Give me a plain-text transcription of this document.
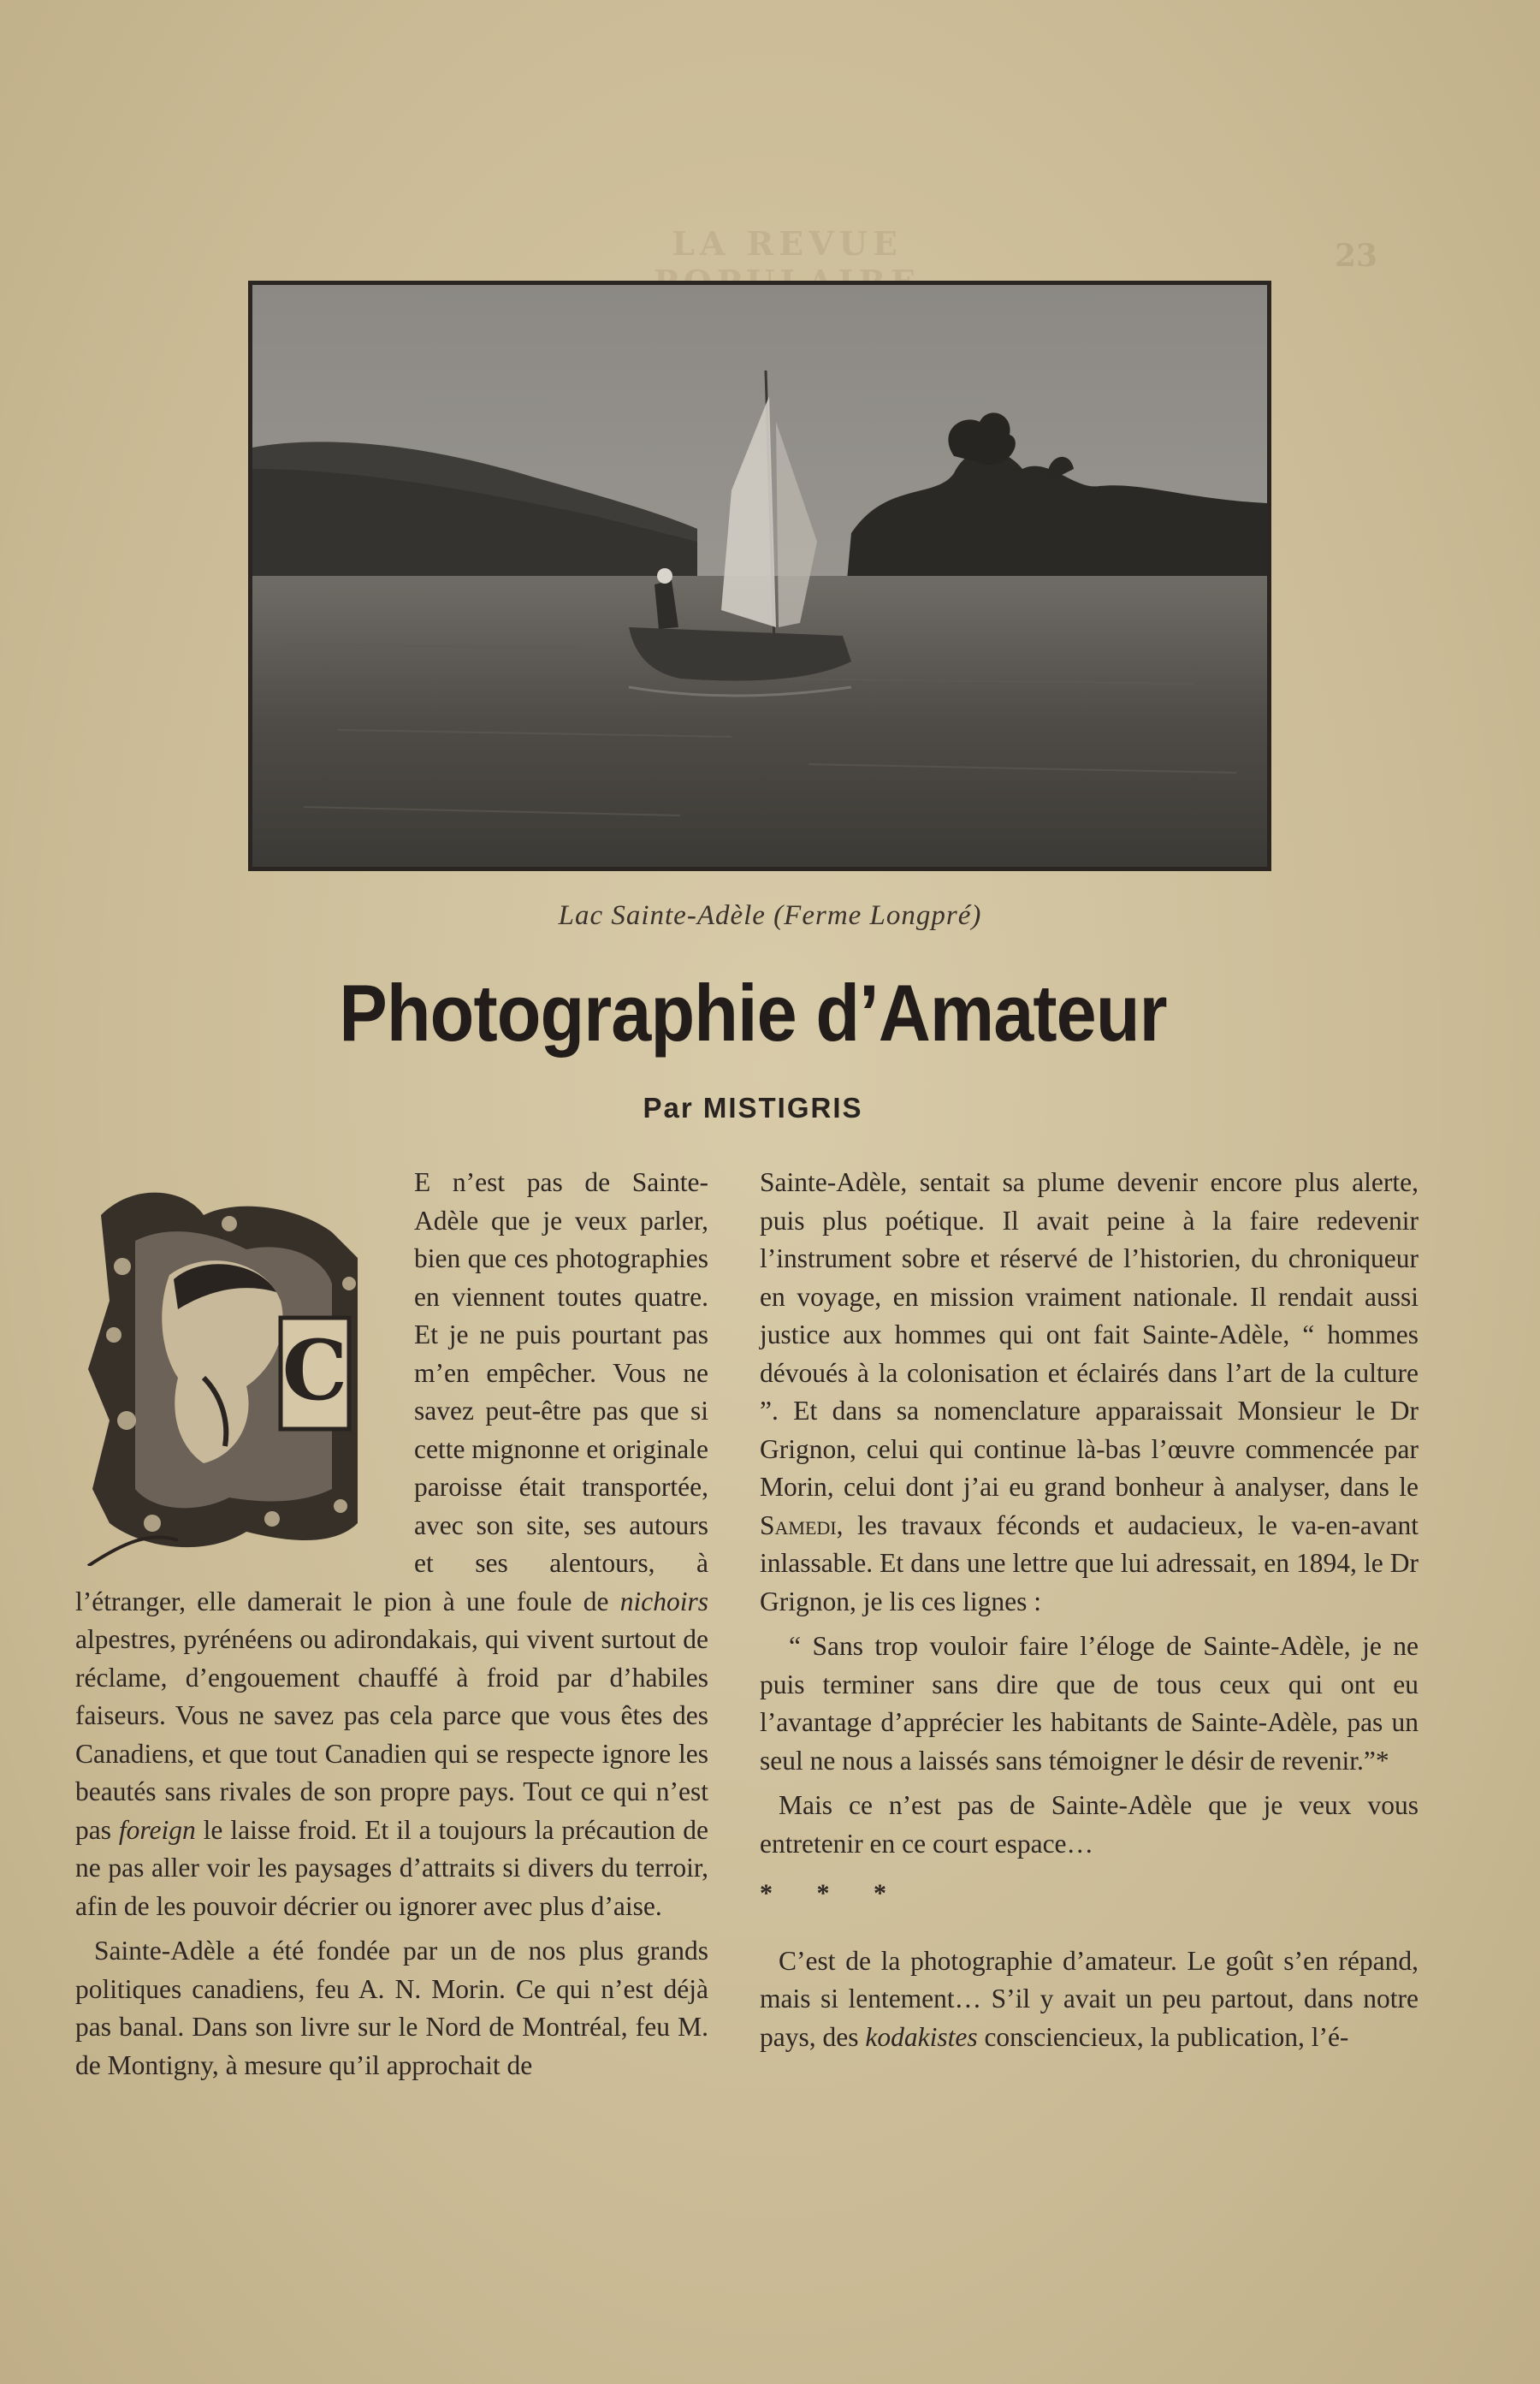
LA REVUE	23
Lac Sainte-Adèle (Ferme Longpré)
Photographie d’Amateur
Par MISTIGRIS
C

E n’est pas de Sainte-Adèle que je veux parler, bien que ces photographies en viennent toutes quatre. Et je ne puis pourtant pas m’en empêcher. Vous ne savez peut-être pas que si cette mignonne et originale paroisse était transportée, avec son site, ses autours et ses alentours, à l’étranger, elle damerait le pion à une foule de nichoirs alpestres, pyrénéens ou adirondakais, qui vivent surtout de réclame, d’engouement chauffé à froid par d’habiles faiseurs. Vous ne savez pas cela parce que vous êtes des Canadiens, et que tout Canadien qui se respecte ignore les beautés sans rivales de son propre pays. Tout ce qui n’est pas foreign le laisse froid. Et il a toujours la précaution de ne pas aller voir les paysages d’attraits si divers du terroir, afin de les pouvoir décrier ou ignorer avec plus d’aise.

Sainte-Adèle a été fondée par un de nos plus grands politiques canadiens, feu A. N. Morin. Ce qui n’est déjà pas banal. Dans son livre sur le Nord de Montréal, feu M. de Montigny, à mesure qu’il approchait de

Sainte-Adèle, sentait sa plume devenir encore plus alerte, puis plus poétique. Il avait peine à la faire redevenir l’instrument sobre et réservé de l’historien, du chroniqueur en voyage, en mission vraiment nationale. Il rendait aussi justice aux hommes qui ont fait Sainte-Adèle, “ hommes dévoués à la colonisation et éclairés dans l’art de la culture ”. Et dans sa nomenclature apparaissait Monsieur le Dr Grignon, celui qui continue là-bas l’œuvre commencée par Morin, celui dont j’ai eu grand bonheur à analyser, dans le Samedi, les travaux féconds et audacieux, le va-en-avant inlassable. Et dans une lettre que lui adressait, en 1894, le Dr Grignon, je lis ces lignes :

“ Sans trop vouloir faire l’éloge de Sainte-Adèle, je ne puis terminer sans dire que de tous ceux qui ont eu l’avantage d’apprécier les habitants de Sainte-Adèle, pas un seul ne nous a laissés sans témoigner le désir de revenir.”*

Mais ce n’est pas de Sainte-Adèle que je veux vous entretenir en ce court espace…

* * *

C’est de la photographie d’amateur. Le goût s’en répand, mais si lentement… S’il y avait un peu partout, dans notre pays, des kodakistes consciencieux, la publication, l’é-
